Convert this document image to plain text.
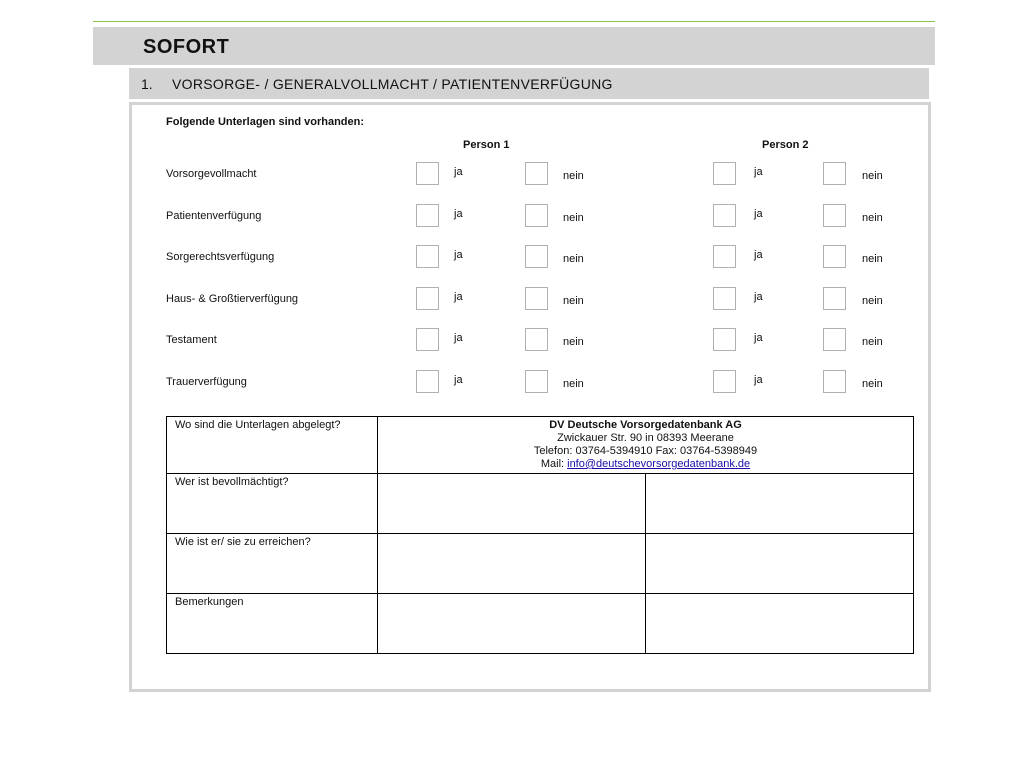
SOFORT
1. VORSORGE- / GENERALVOLLMACHT / PATIENTENVERFÜGUNG
Folgende Unterlagen sind vorhanden:
Person 1	Person 2
Vorsorgevollmacht	ja	nein	ja	nein
Patientenverfügung	ja	nein	ja	nein
Sorgerechtsverfügung	ja	nein	ja	nein
Haus- & Großtierverfügung	ja	nein	ja	nein
Testament	ja	nein	ja	nein
Trauerverfügung	ja	nein	ja	nein
Wo sind die Unterlagen abgelegt?	DV Deutsche Vorsorgedatenbank AG
Zwickauer Str. 90 in 08393 Meerane
Telefon: 03764-5394910 Fax: 03764-5398949
Mail: info@deutschevorsorgedatenbank.de	

Wer ist bevollmächtigt?		
Wie ist er/ sie zu erreichen?		
Bemerkungen		
